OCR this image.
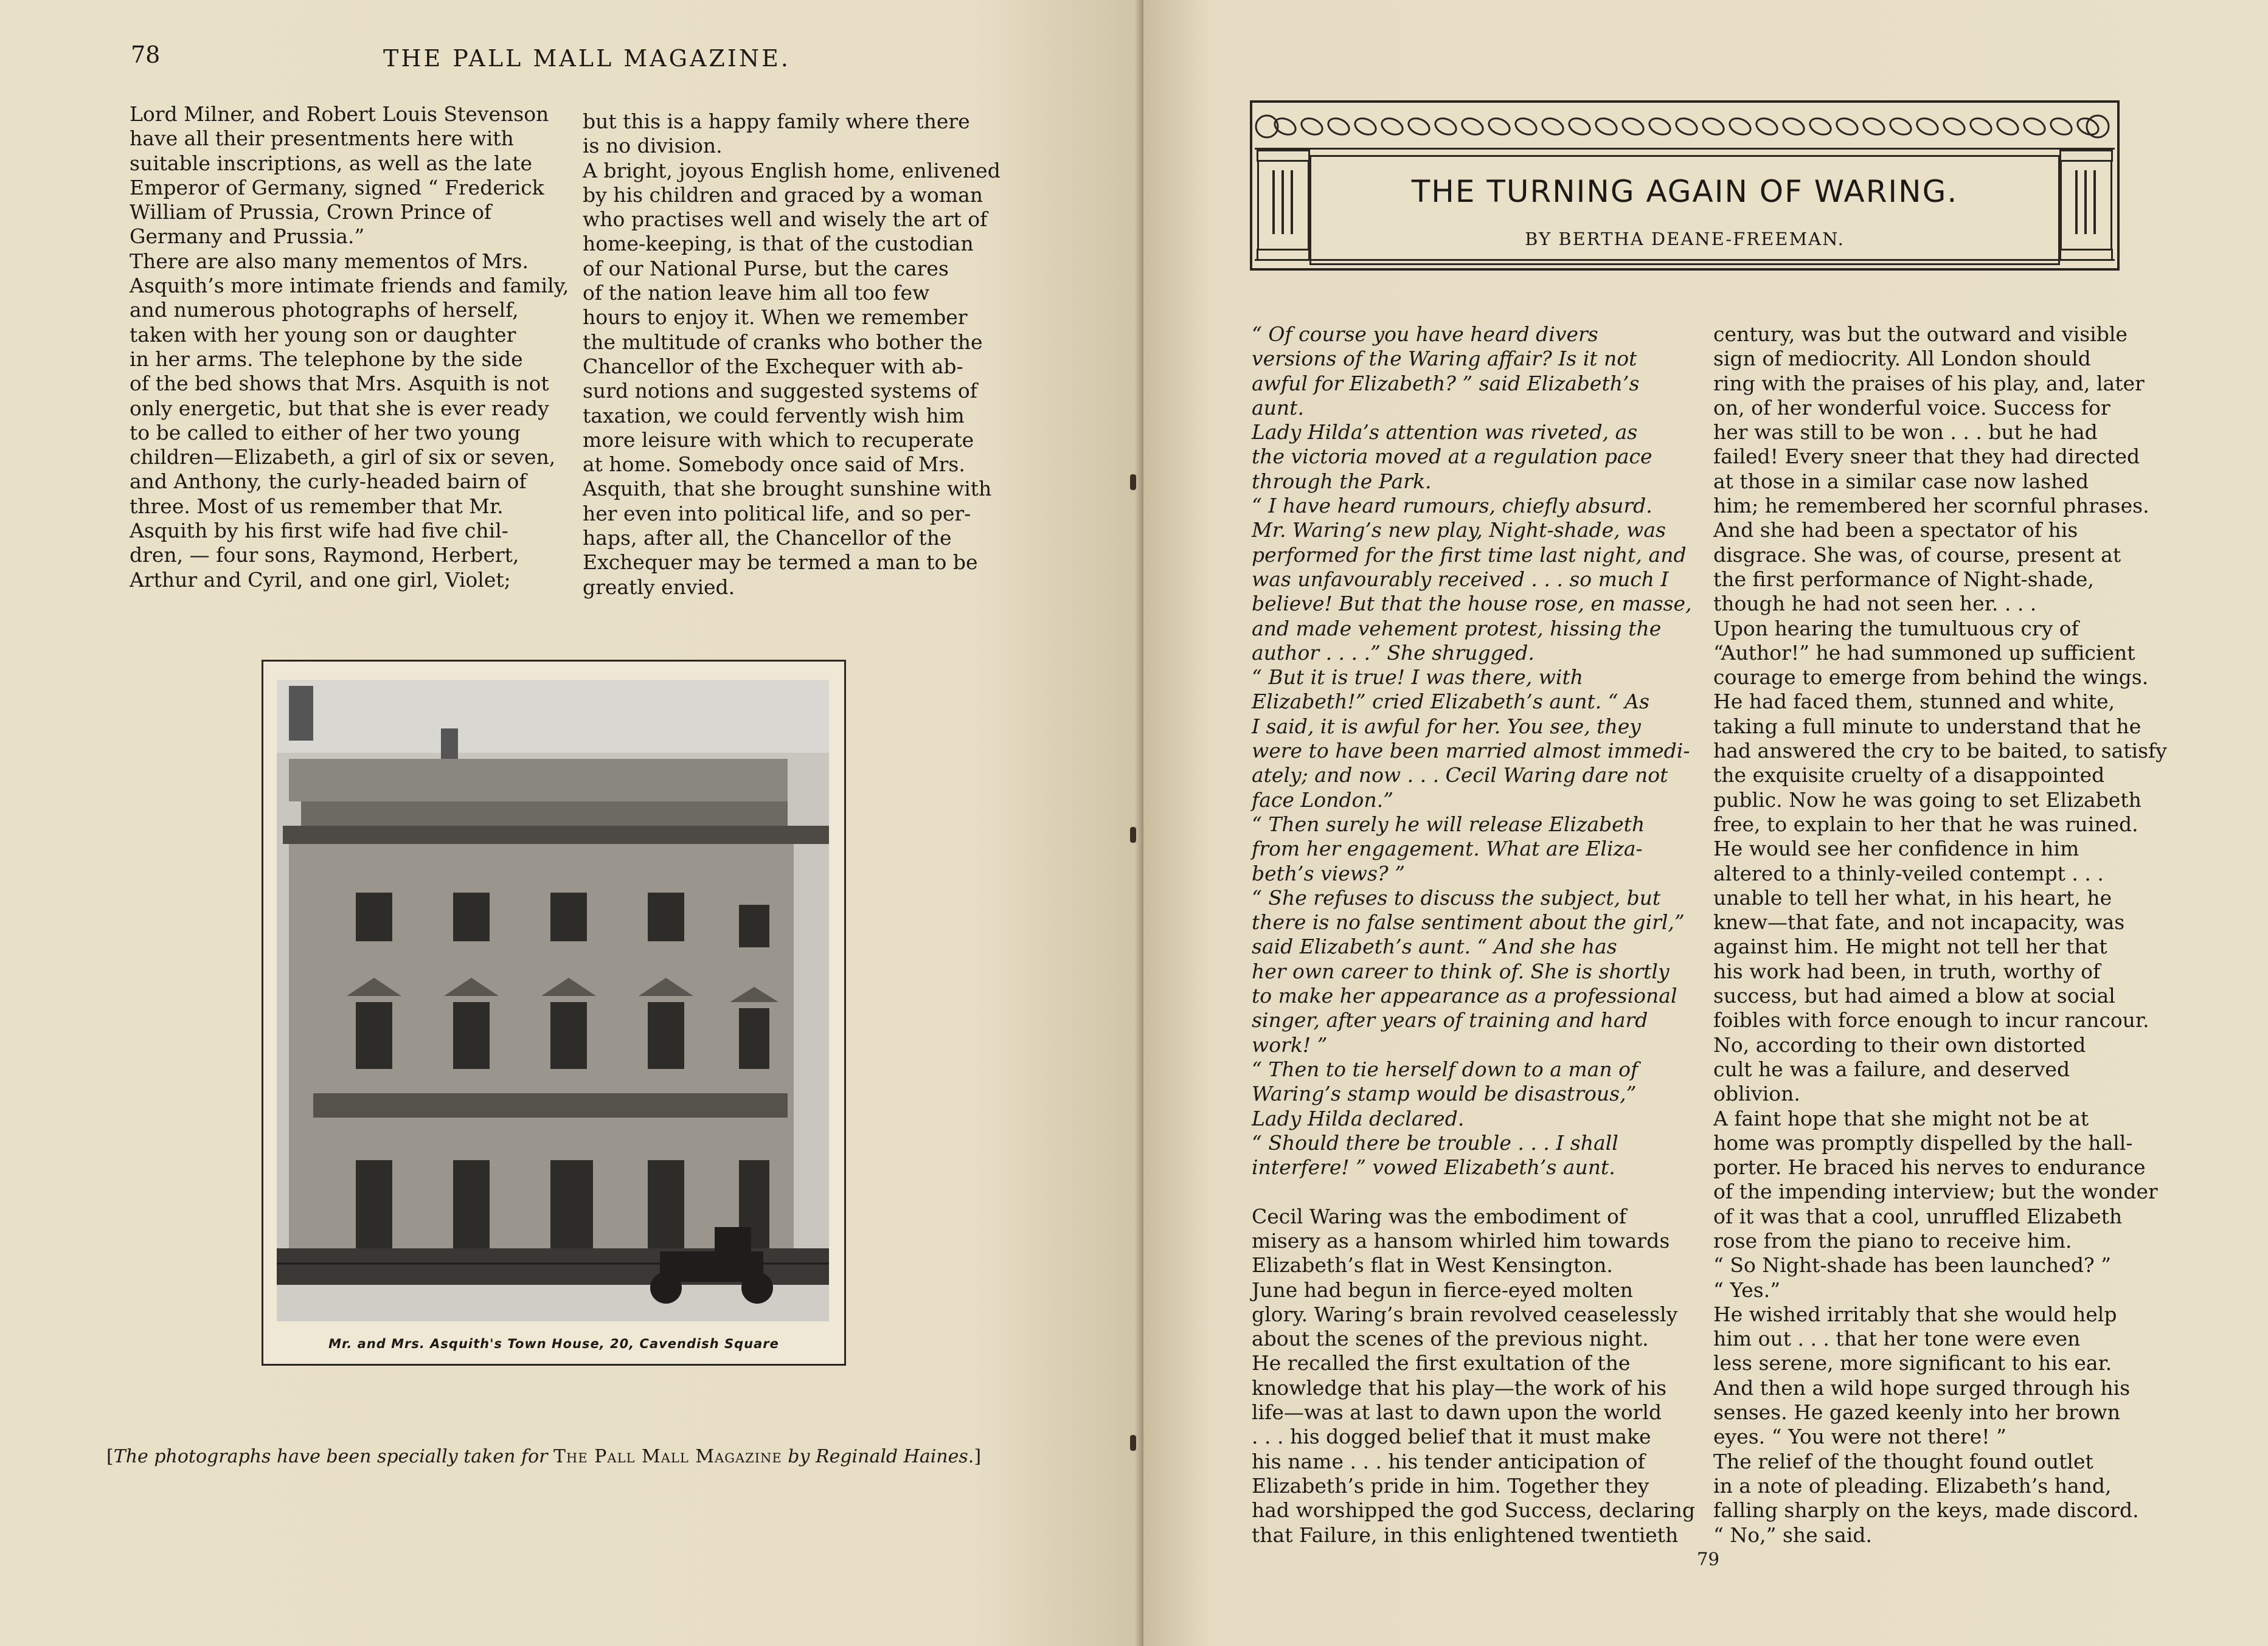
78	THE PALL MALL MAGAZINE.
Lord Milner, and Robert Louis Stevenson
have all their presentments here with
suitable inscriptions, as well as the late
Emperor of Germany, signed “ Frederick
William of Prussia, Crown Prince of
Germany and Prussia.”
There are also many mementos of Mrs.
Asquith’s more intimate friends and family,
and numerous photographs of herself,
taken with her young son or daughter
in her arms. The telephone by the side
of the bed shows that Mrs. Asquith is not
only energetic, but that she is ever ready
to be called to either of her two young
children—Elizabeth, a girl of six or seven,
and Anthony, the curly-headed bairn of
three. Most of us remember that Mr.
Asquith by his first wife had five chil-
dren, — four sons, Raymond, Herbert,
Arthur and Cyril, and one girl, Violet;
but this is a happy family where there
is no division.
A bright, joyous English home, enlivened
by his children and graced by a woman
who practises well and wisely the art of
home-keeping, is that of the custodian
of our National Purse, but the cares
of the nation leave him all too few
hours to enjoy it. When we remember
the multitude of cranks who bother the
Chancellor of the Exchequer with ab-
surd notions and suggested systems of
taxation, we could fervently wish him
more leisure with which to recuperate
at home. Somebody once said of Mrs.
Asquith, that she brought sunshine with
her even into political life, and so per-
haps, after all, the Chancellor of the
Exchequer may be termed a man to be
greatly envied.
Mr. and Mrs. Asquith's Town House, 20, Cavendish Square
[The photographs have been specially taken for The Pall Mall Magazine by Reginald Haines.]
THE TURNING AGAIN OF WARING.
BY BERTHA DEANE-FREEMAN.
“ Of course you have heard divers
versions of the Waring affair? Is it not
awful for Elizabeth? ” said Elizabeth’s
aunt.
Lady Hilda’s attention was riveted, as
the victoria moved at a regulation pace
through the Park.
“ I have heard rumours, chiefly absurd.
Mr. Waring’s new play, Night-shade, was
performed for the first time last night, and
was unfavourably received . . . so much I
believe! But that the house rose, en masse,
and made vehement protest, hissing the
author . . . .” She shrugged.
“ But it is true! I was there, with
Elizabeth!” cried Elizabeth’s aunt. “ As
I said, it is awful for her. You see, they
were to have been married almost immedi-
ately; and now . . . Cecil Waring dare not
face London.”
“ Then surely he will release Elizabeth
from her engagement. What are Eliza-
beth’s views? ”
“ She refuses to discuss the subject, but
there is no false sentiment about the girl,”
said Elizabeth’s aunt. “ And she has
her own career to think of. She is shortly
to make her appearance as a professional
singer, after years of training and hard
work! ”
“ Then to tie herself down to a man of
Waring’s stamp would be disastrous,”
Lady Hilda declared.
“ Should there be trouble . . . I shall
interfere! ” vowed Elizabeth’s aunt.

Cecil Waring was the embodiment of
misery as a hansom whirled him towards
Elizabeth’s flat in West Kensington.
June had begun in fierce-eyed molten
glory. Waring’s brain revolved ceaselessly
about the scenes of the previous night.
He recalled the first exultation of the
knowledge that his play—the work of his
life—was at last to dawn upon the world
. . . his dogged belief that it must make
his name . . . his tender anticipation of
Elizabeth’s pride in him. Together they
had worshipped the god Success, declaring
that Failure, in this enlightened twentieth
century, was but the outward and visible
sign of mediocrity. All London should
ring with the praises of his play, and, later
on, of her wonderful voice. Success for
her was still to be won . . . but he had
failed! Every sneer that they had directed
at those in a similar case now lashed
him; he remembered her scornful phrases.
And she had been a spectator of his
disgrace. She was, of course, present at
the first performance of Night-shade,
though he had not seen her. . . .
Upon hearing the tumultuous cry of
“Author!” he had summoned up sufficient
courage to emerge from behind the wings.
He had faced them, stunned and white,
taking a full minute to understand that he
had answered the cry to be baited, to satisfy
the exquisite cruelty of a disappointed
public. Now he was going to set Elizabeth
free, to explain to her that he was ruined.
He would see her confidence in him
altered to a thinly-veiled contempt . . .
unable to tell her what, in his heart, he
knew—that fate, and not incapacity, was
against him. He might not tell her that
his work had been, in truth, worthy of
success, but had aimed a blow at social
foibles with force enough to incur rancour.
No, according to their own distorted
cult he was a failure, and deserved
oblivion.
A faint hope that she might not be at
home was promptly dispelled by the hall-
porter. He braced his nerves to endurance
of the impending interview; but the wonder
of it was that a cool, unruffled Elizabeth
rose from the piano to receive him.
“ So Night-shade has been launched? ”
“ Yes.”
He wished irritably that she would help
him out . . . that her tone were even
less serene, more significant to his ear.
And then a wild hope surged through his
senses. He gazed keenly into her brown
eyes. “ You were not there! ”
The relief of the thought found outlet
in a note of pleading. Elizabeth’s hand,
falling sharply on the keys, made discord.
“ No,” she said.
79
